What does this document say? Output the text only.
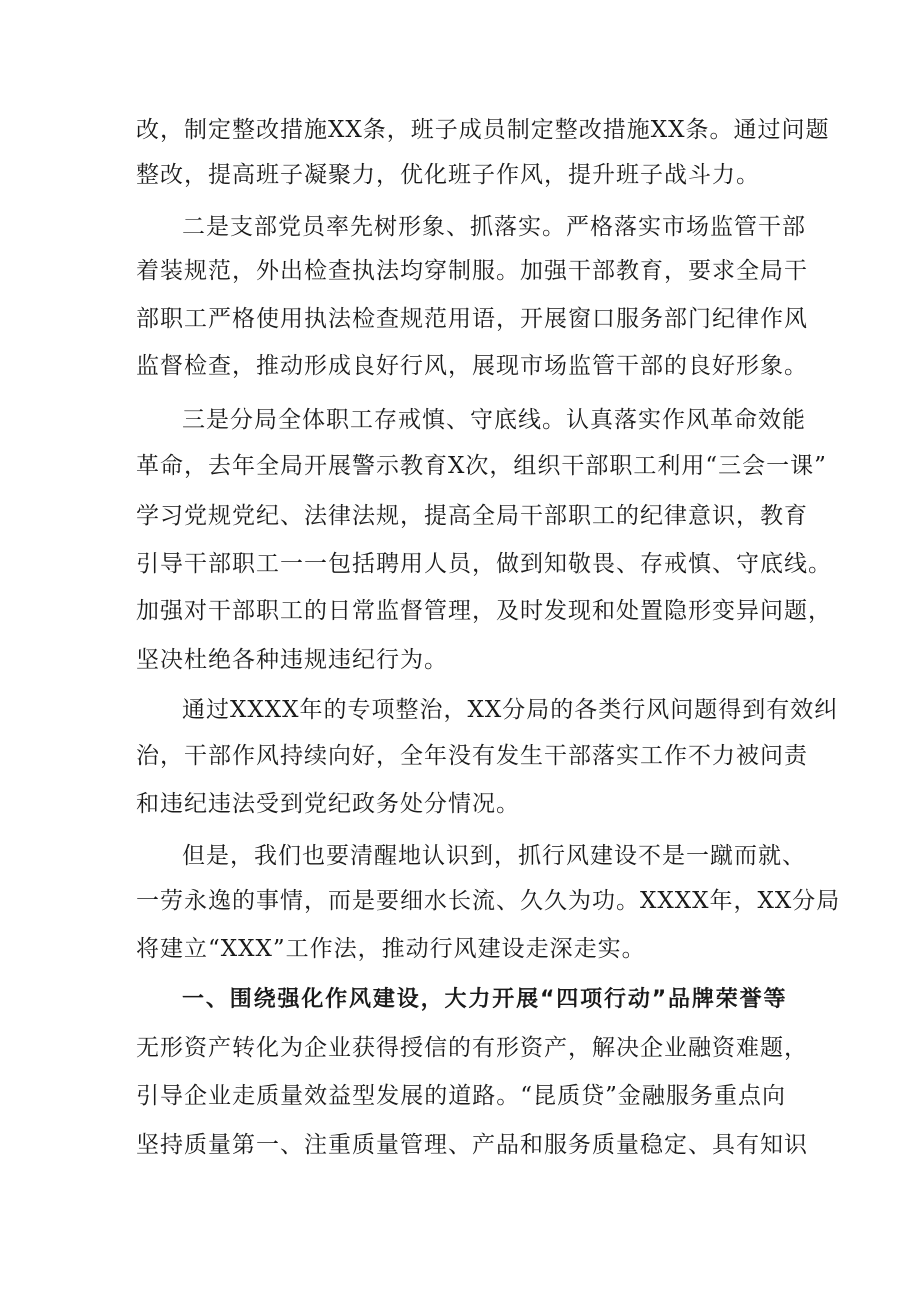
改，制定整改措施XX条，班子成员制定整改措施XX条。通过问题
整改，提高班子凝聚力，优化班子作风，提升班子战斗力。
二是支部党员率先树形象、抓落实。严格落实市场监管干部
着装规范，外出检查执法均穿制服。加强干部教育，要求全局干
部职工严格使用执法检查规范用语，开展窗口服务部门纪律作风
监督检查，推动形成良好行风，展现市场监管干部的良好形象。
三是分局全体职工存戒慎、守底线。认真落实作风革命效能
革命，去年全局开展警示教育X次，组织干部职工利用“三会一课”
学习党规党纪、法律法规，提高全局干部职工的纪律意识，教育
引导干部职工一一包括聘用人员，做到知敬畏、存戒慎、守底线。
加强对干部职工的日常监督管理，及时发现和处置隐形变异问题，
坚决杜绝各种违规违纪行为。
通过XXXX年的专项整治，XX分局的各类行风问题得到有效纠
治，干部作风持续向好，全年没有发生干部落实工作不力被问责
和违纪违法受到党纪政务处分情况。
但是，我们也要清醒地认识到，抓行风建设不是一蹴而就、
一劳永逸的事情，而是要细水长流、久久为功。XXXX年，XX分局
将建立“XXX”工作法，推动行风建设走深走实。
一、围绕强化作风建设，大力开展“四项行动”品牌荣誉等
无形资产转化为企业获得授信的有形资产，解决企业融资难题，
引导企业走质量效益型发展的道路。“昆质贷”金融服务重点向
坚持质量第一、注重质量管理、产品和服务质量稳定、具有知识
